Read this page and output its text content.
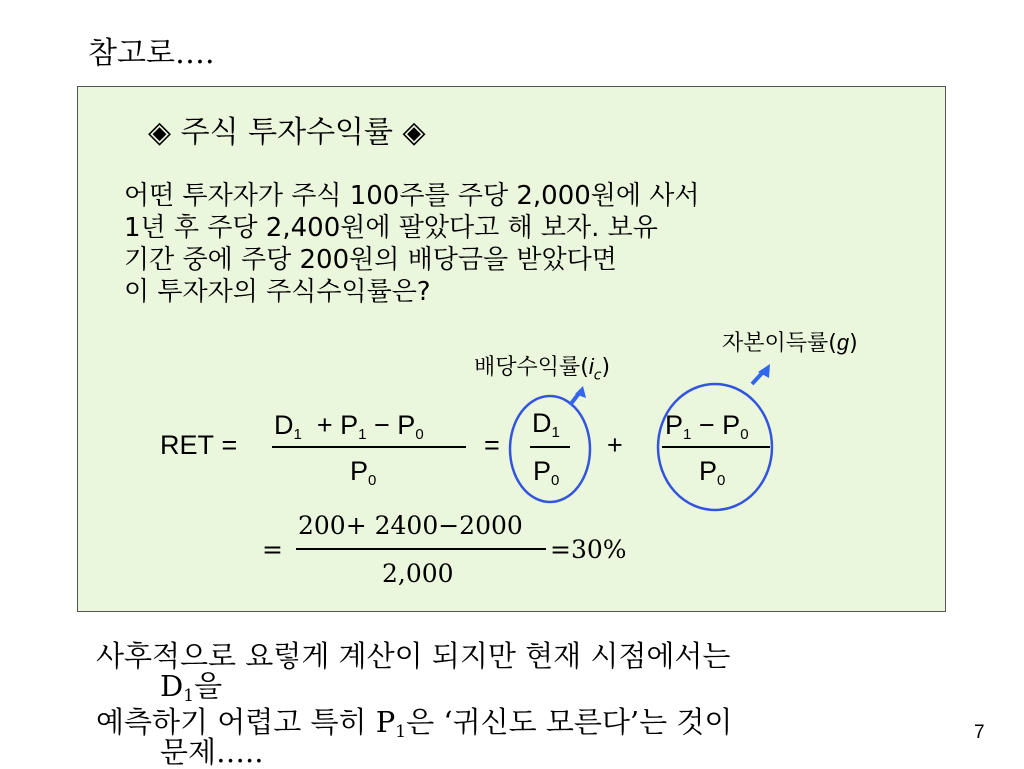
참고로….
◈ 주식 투자수익률 ◈
어떤 투자자가 주식 100주를 주당 2,000원에 사서
1년 후 주당 2,400원에 팔았다고 해 보자. 보유
기간 중에 주당 200원의 배당금을 받았다면
이 투자자의 주식수익률은?
배당수익률$(i_c)$
자본이득률(g)
RET =
$D_1 + P_1 - P_0$
$P_0$
=
$D_1$
$P_0$
+
$P_1 - P_0$
$P_0$
=
200+ 2400−2000
2,000
=30%
사후적으로 요렇게 계산이 되지만 현재 시점에서는
$D_1$을
예측하기 어렵고 특히 $P_1$은 ‘귀신도 모른다’는 것이
문제…..
7
